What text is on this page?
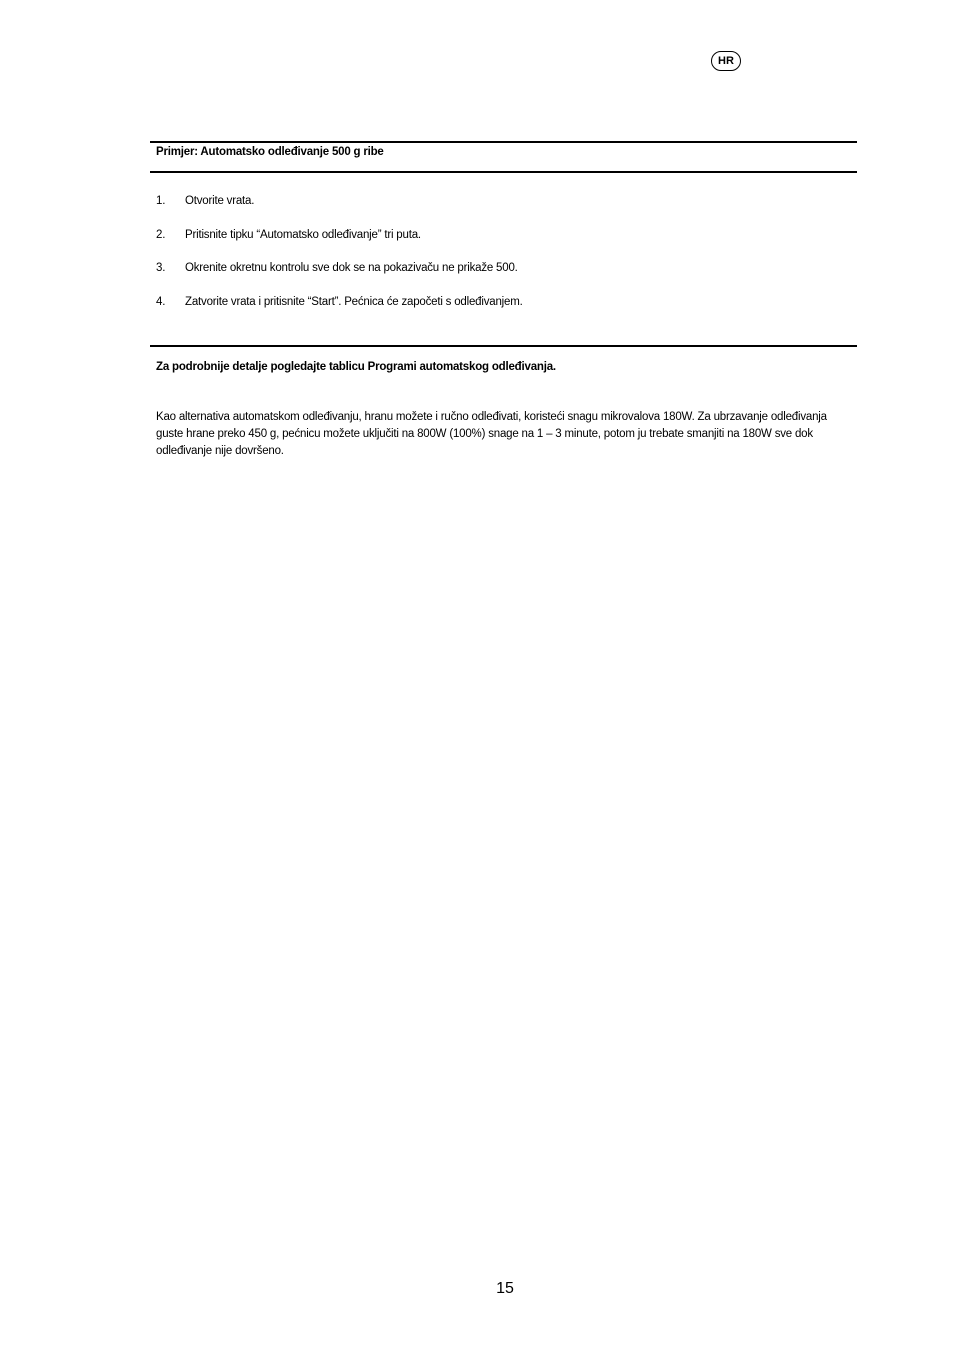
HR
Primjer: Automatsko odleđivanje 500 g ribe
1. Otvorite vrata.
2. Pritisnite tipku “Automatsko odleđivanje” tri puta.
3. Okrenite okretnu kontrolu sve dok se na pokazivaču ne prikaže 500.
4. Zatvorite vrata i pritisnite “Start”. Pećnica će započeti s odleđivanjem.
Za podrobnije detalje pogledajte tablicu Programi automatskog odleđivanja.

Kao alternativa automatskom odleđivanju, hranu možete i ručno odleđivati, koristeći snagu mikrovalova 180W. Za ubrzavanje odleđivanja guste hrane preko 450 g, pećnicu možete uključiti na 800W (100%) snage na 1 – 3 minute, potom ju trebate smanjiti na 180W sve dok odleđivanje nije dovršeno.

15
